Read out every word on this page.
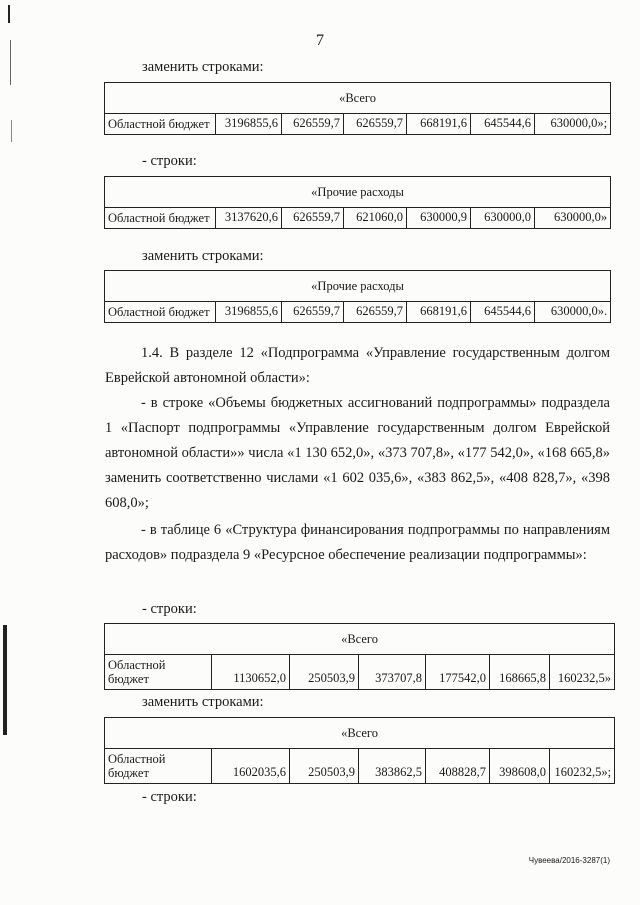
7
заменить строками:
«Всего
Областной бюджет	3196855,6	626559,7	626559,7	668191,6	645544,6	630000,0»;
- строки:
«Прочие расходы
Областной бюджет	3137620,6	626559,7	621060,0	630000,9	630000,0	630000,0»
заменить строками:
«Прочие расходы
Областной бюджет	3196855,6	626559,7	626559,7	668191,6	645544,6	630000,0».
1.4. В разделе 12 «Подпрограмма «Управление государственным долгом Еврейской автономной области»:
- в строке «Объемы бюджетных ассигнований подпрограммы» подраздела 1 «Паспорт подпрограммы «Управление государственным долгом Еврейской автономной области»» числа «1 130 652,0», «373 707,8», «177 542,0», «168 665,8» заменить соответственно числами «1 602 035,6», «383 862,5», «408 828,7», «398 608,0»;
- в таблице 6 «Структура финансирования подпрограммы по направлениям расходов» подраздела 9 «Ресурсное обеспечение реализации подпрограммы»:
- строки:
«Всего
Областной бюджет	1130652,0	250503,9	373707,8	177542,0	168665,8	160232,5»
заменить строками:
«Всего
Областной бюджет	1602035,6	250503,9	383862,5	408828,7	398608,0	160232,5»;
- строки:
Чувеева/2016-3287(1)
